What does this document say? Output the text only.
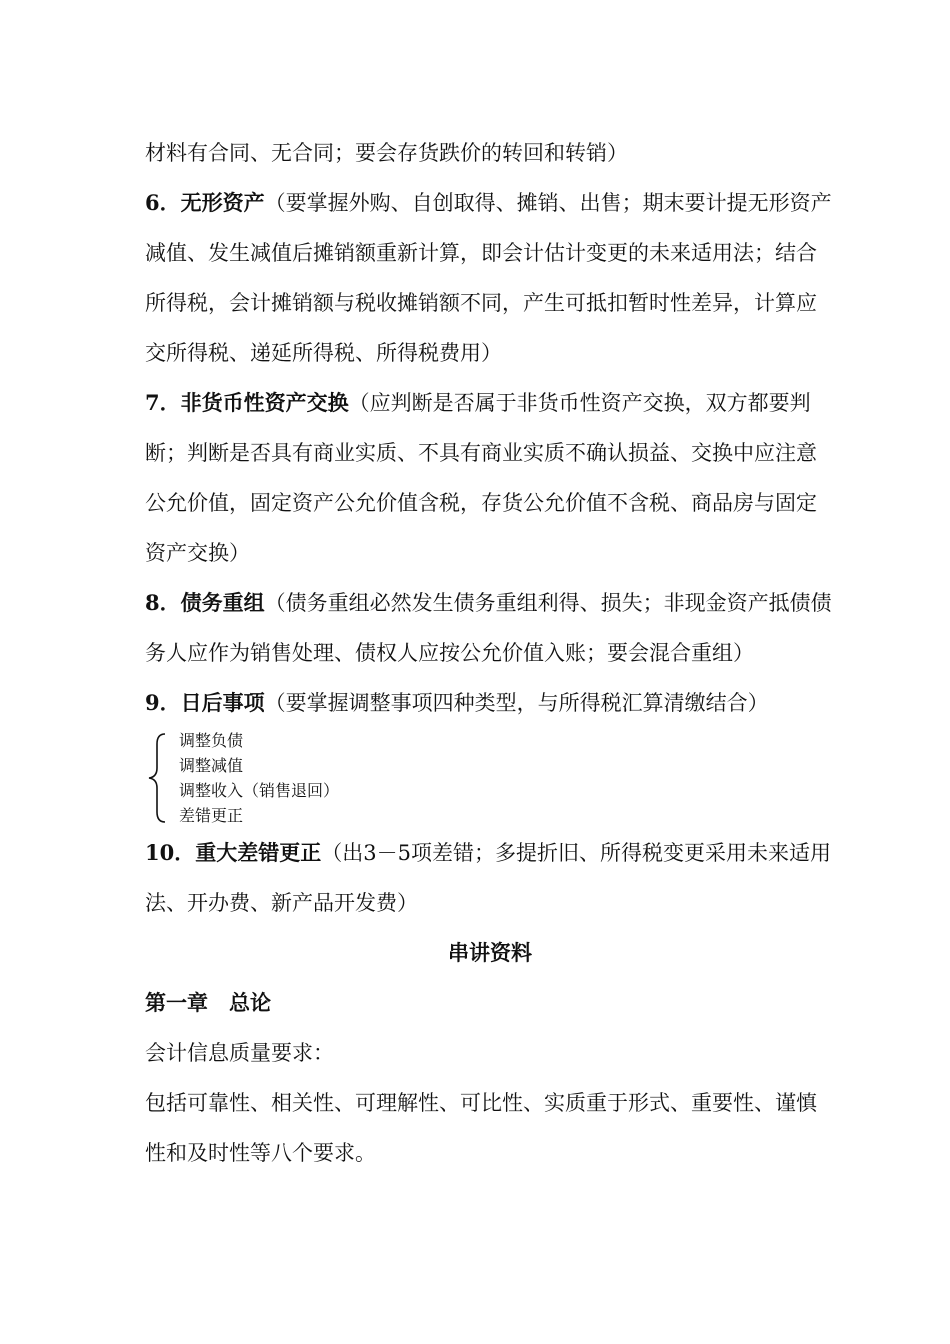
材料有合同、无合同；要会存货跌价的转回和转销）

6．无形资产（要掌握外购、自创取得、摊销、出售；期末要计提无形资产减值、发生减值后摊销额重新计算，即会计估计变更的未来适用法；结合所得税，会计摊销额与税收摊销额不同，产生可抵扣暂时性差异，计算应交所得税、递延所得税、所得税费用）

7．非货币性资产交换（应判断是否属于非货币性资产交换，双方都要判断；判断是否具有商业实质、不具有商业实质不确认损益、交换中应注意公允价值，固定资产公允价值含税，存货公允价值不含税、商品房与固定资产交换）

8．债务重组（债务重组必然发生债务重组利得、损失；非现金资产抵债债务人应作为销售处理、债权人应按公允价值入账；要会混合重组）

9．日后事项（要掌握调整事项四种类型，与所得税汇算清缴结合）

调整负债
调整减值
调整收入（销售退回）
差错更正

10．重大差错更正（出3－5项差错；多提折旧、所得税变更采用未来适用法、开办费、新产品开发费）

串讲资料

第一章　总论

会计信息质量要求：

包括可靠性、相关性、可理解性、可比性、实质重于形式、重要性、谨慎性和及时性等八个要求。
